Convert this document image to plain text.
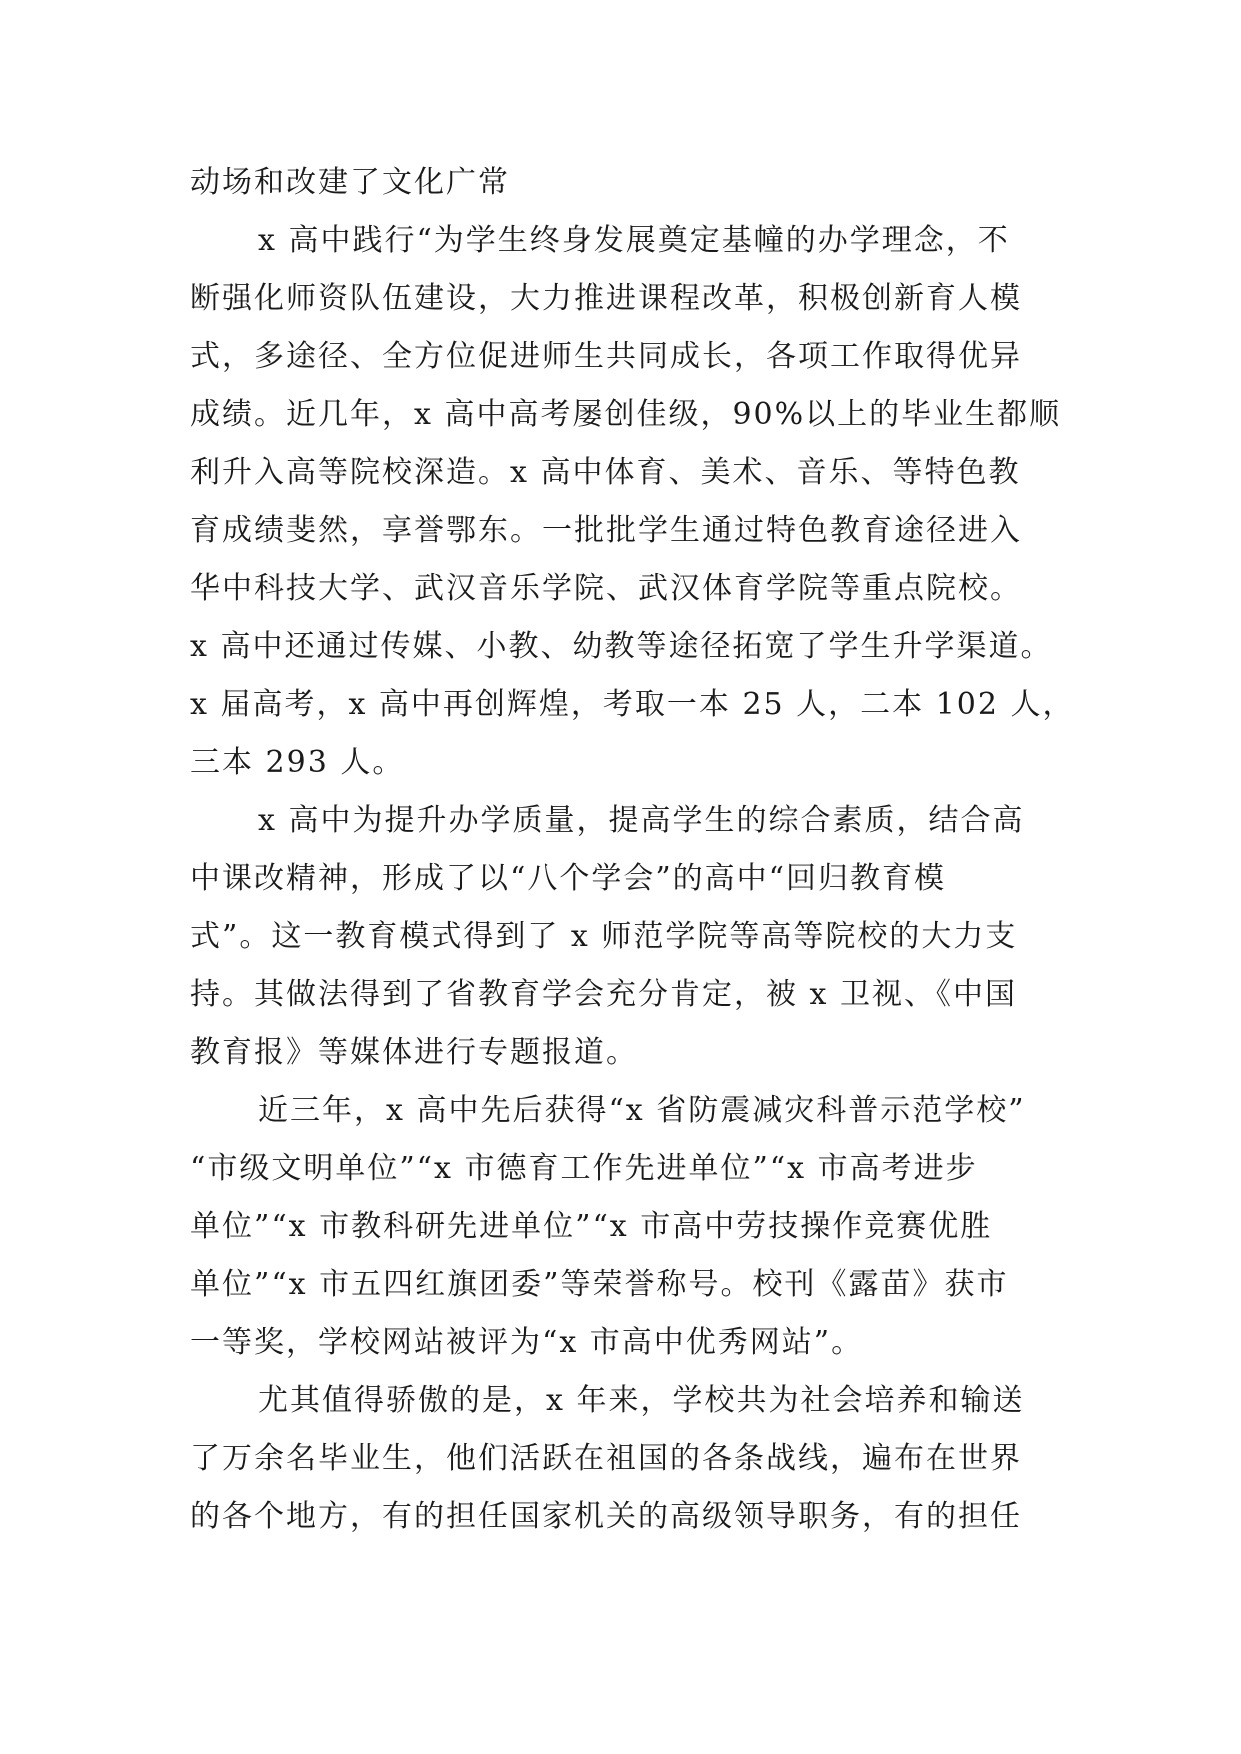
动场和改建了文化广常
x 高中践行“为学生终身发展奠定基幢的办学理念，不
断强化师资队伍建设，大力推进课程改革，积极创新育人模
式，多途径、全方位促进师生共同成长，各项工作取得优异
成绩。近几年，x 高中高考屡创佳级，90%以上的毕业生都顺
利升入高等院校深造。x 高中体育、美术、音乐、等特色教
育成绩斐然，享誉鄂东。一批批学生通过特色教育途径进入
华中科技大学、武汉音乐学院、武汉体育学院等重点院校。
x 高中还通过传媒、小教、幼教等途径拓宽了学生升学渠道。
x 届高考，x 高中再创辉煌，考取一本 25 人，二本 102 人，
三本 293 人。
x 高中为提升办学质量，提高学生的综合素质，结合高
中课改精神，形成了以“八个学会”的高中“回归教育模
式”。这一教育模式得到了 x 师范学院等高等院校的大力支
持。其做法得到了省教育学会充分肯定，被 x 卫视、《中国
教育报》等媒体进行专题报道。
近三年，x 高中先后获得“x 省防震减灾科普示范学校”
“市级文明单位”“x 市德育工作先进单位”“x 市高考进步
单位”“x 市教科研先进单位”“x 市高中劳技操作竞赛优胜
单位”“x 市五四红旗团委”等荣誉称号。校刊《露苗》获市
一等奖，学校网站被评为“x 市高中优秀网站”。
尤其值得骄傲的是，x 年来，学校共为社会培养和输送
了万余名毕业生，他们活跃在祖国的各条战线，遍布在世界
的各个地方，有的担任国家机关的高级领导职务，有的担任
